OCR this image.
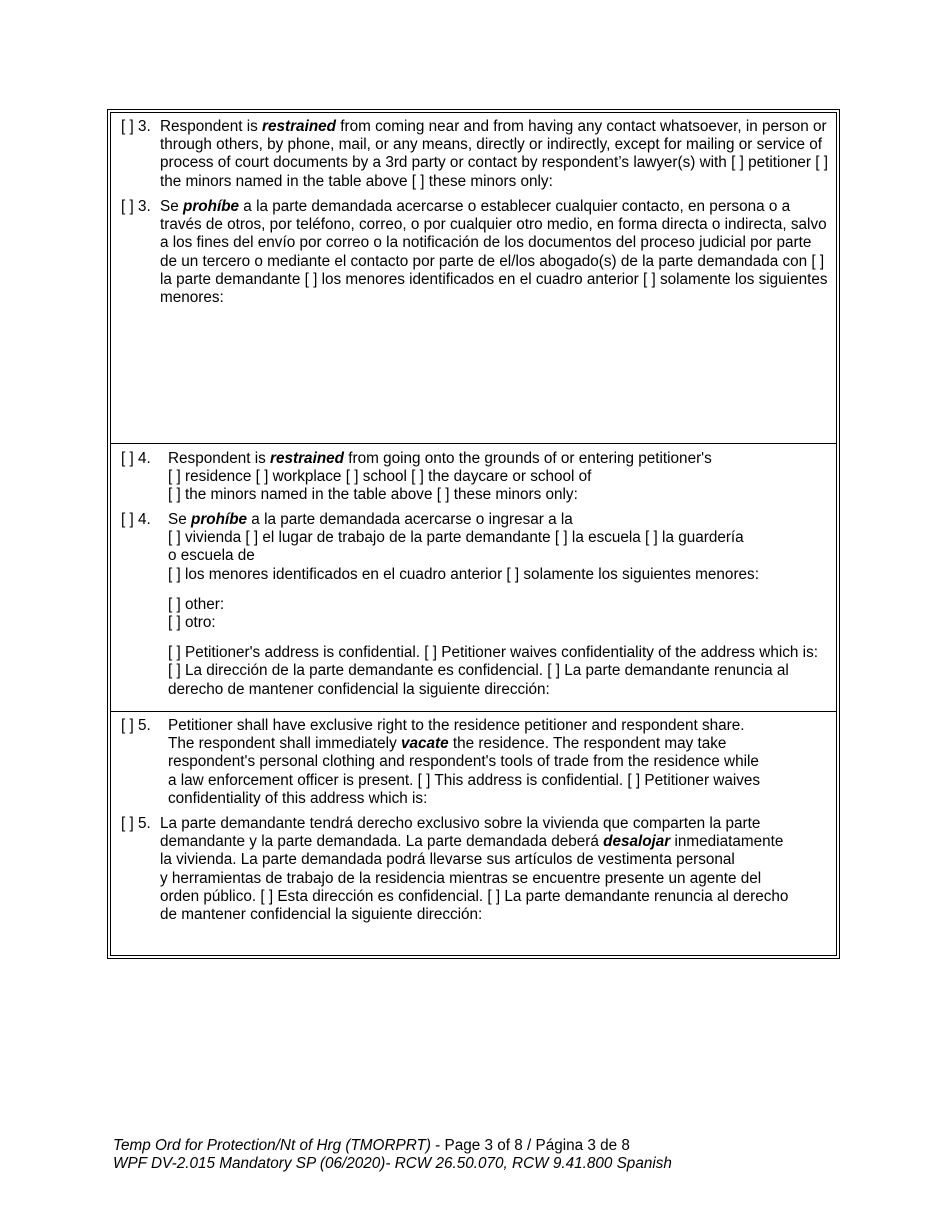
[ ] 3. Respondent is restrained from coming near and from having any contact whatsoever, in person or through others, by phone, mail, or any means, directly or indirectly, except for mailing or service of process of court documents by a 3rd party or contact by respondent’s lawyer(s) with [ ] petitioner [ ] the minors named in the table above [ ] these minors only:

[ ] 3. Se prohíbe a la parte demandada acercarse o establecer cualquier contacto, en persona o a través de otros, por teléfono, correo, o por cualquier otro medio, en forma directa o indirecta, salvo a los fines del envío por correo o la notificación de los documentos del proceso judicial por parte de un tercero o mediante el contacto por parte de el/los abogado(s) de la parte demandada con [ ] la parte demandante [ ] los menores identificados en el cuadro anterior [ ] solamente los siguientes menores:

[ ] 4. Respondent is restrained from going onto the grounds of or entering petitioner's

[ ] residence [ ] workplace [ ] school [ ] the daycare or school of

[ ] the minors named in the table above [ ] these minors only:

[ ] 4. Se prohíbe a la parte demandada acercarse o ingresar a la

[ ] vivienda [ ] el lugar de trabajo de la parte demandante [ ] la escuela [ ] la guardería

o escuela de

[ ] los menores identificados en el cuadro anterior [ ] solamente los siguientes menores:

[ ] other:

[ ] otro:

[ ] Petitioner's address is confidential. [ ] Petitioner waives confidentiality of the address which is:

[ ] La dirección de la parte demandante es confidencial. [ ] La parte demandante renuncia al derecho de mantener confidencial la siguiente dirección:

[ ] 5. Petitioner shall have exclusive right to the residence petitioner and respondent share.

The respondent shall immediately vacate the residence. The respondent may take

respondent's personal clothing and respondent's tools of trade from the residence while

a law enforcement officer is present. [ ] This address is confidential. [ ] Petitioner waives

confidentiality of this address which is:

[ ] 5. La parte demandante tendrá derecho exclusivo sobre la vivienda que comparten la parte

demandante y la parte demandada. La parte demandada deberá desalojar inmediatamente

la vivienda. La parte demandada podrá llevarse sus artículos de vestimenta personal

y herramientas de trabajo de la residencia mientras se encuentre presente un agente del

orden público. [ ] Esta dirección es confidencial. [ ] La parte demandante renuncia al derecho

de mantener confidencial la siguiente dirección:

Temp Ord for Protection/Nt of Hrg (TMORPRT) - Page 3 of 8 / Página 3 de 8
WPF DV-2.015 Mandatory SP (06/2020)- RCW 26.50.070, RCW 9.41.800 Spanish
